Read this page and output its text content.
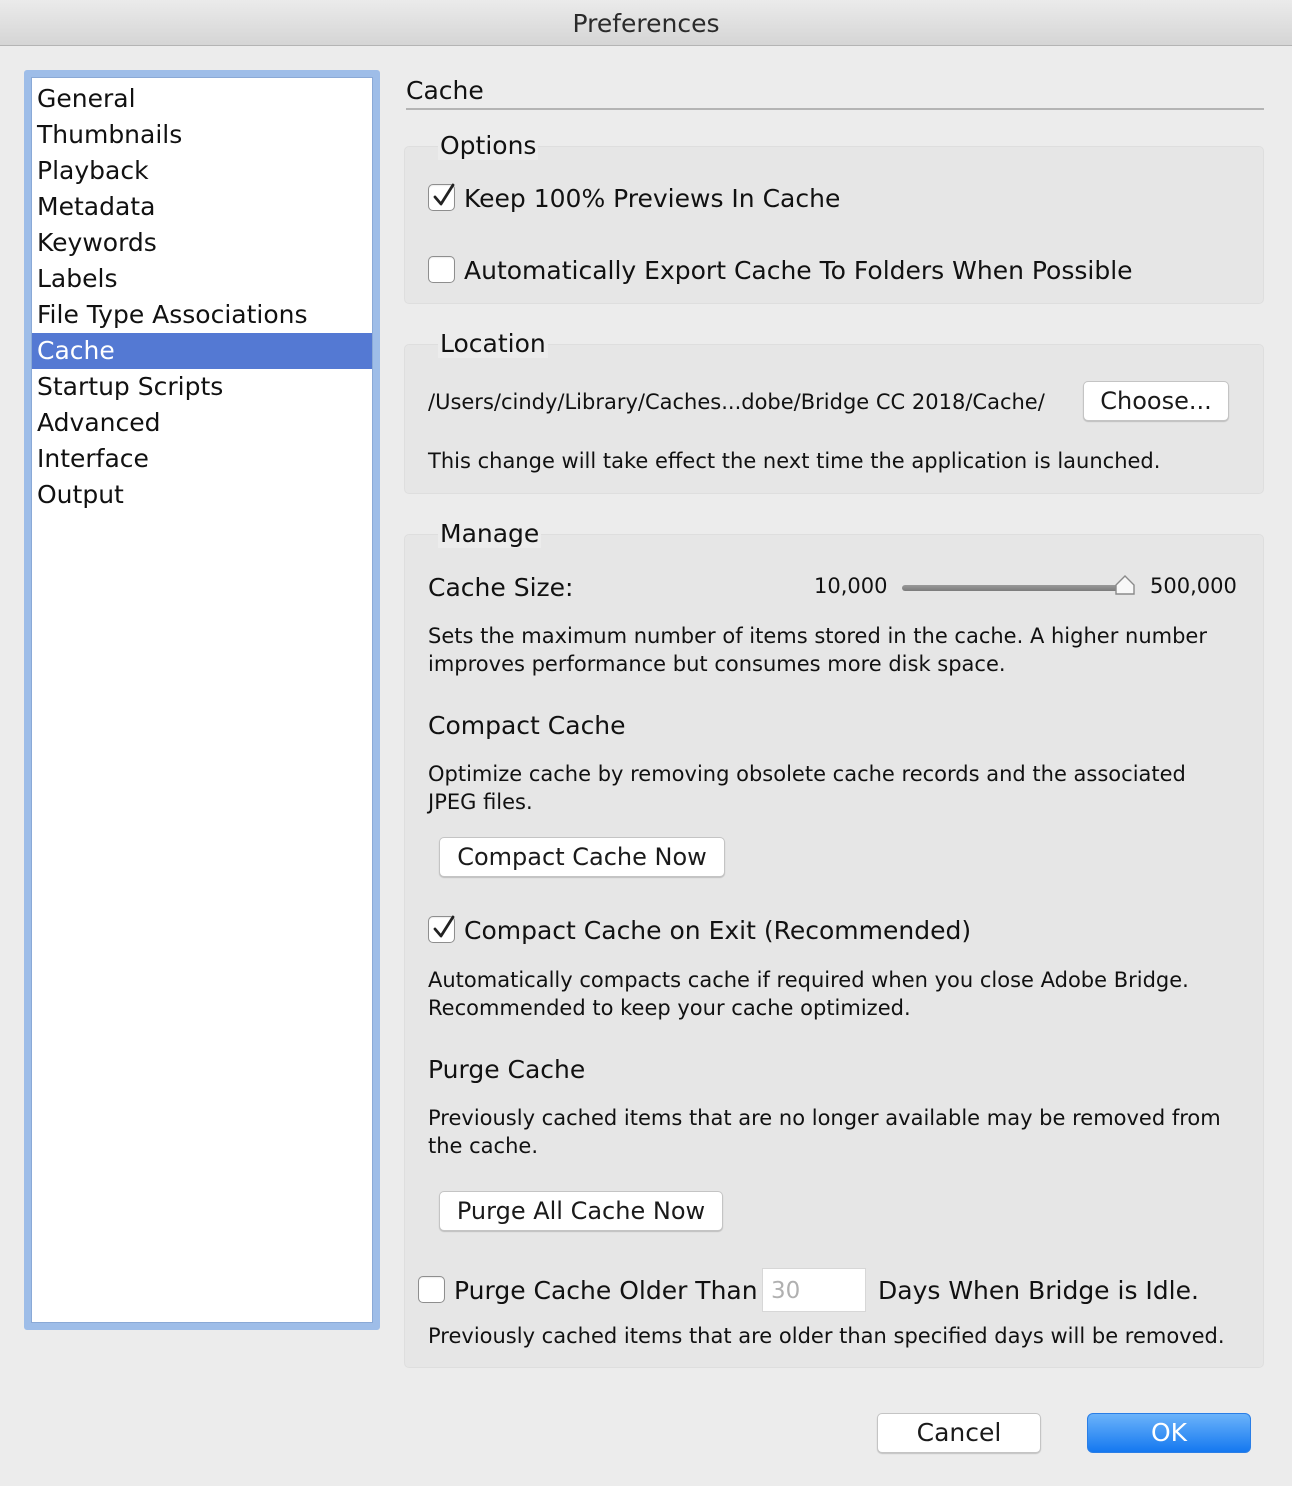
Preferences
General
Thumbnails
Playback
Metadata
Keywords
Labels
File Type Associations
Cache
Startup Scripts
Advanced
Interface
Output
Cache
Options
Keep 100% Previews In Cache
Automatically Export Cache To Folders When Possible
Location
/Users/cindy/Library/Caches...dobe/Bridge CC 2018/Cache/	Choose...
This change will take effect the next time the application is launched.
Manage
Cache Size:	10,000	500,000
Sets the maximum number of items stored in the cache. A higher number improves performance but consumes more disk space.
Compact Cache
Optimize cache by removing obsolete cache records and the associated JPEG files.
Compact Cache Now
Compact Cache on Exit (Recommended)
Automatically compacts cache if required when you close Adobe Bridge. Recommended to keep your cache optimized.
Purge Cache
Previously cached items that are no longer available may be removed from the cache.
Purge All Cache Now
Purge Cache Older Than 30	Days When Bridge is Idle.
Previously cached items that are older than specified days will be removed.
Cancel	OK
